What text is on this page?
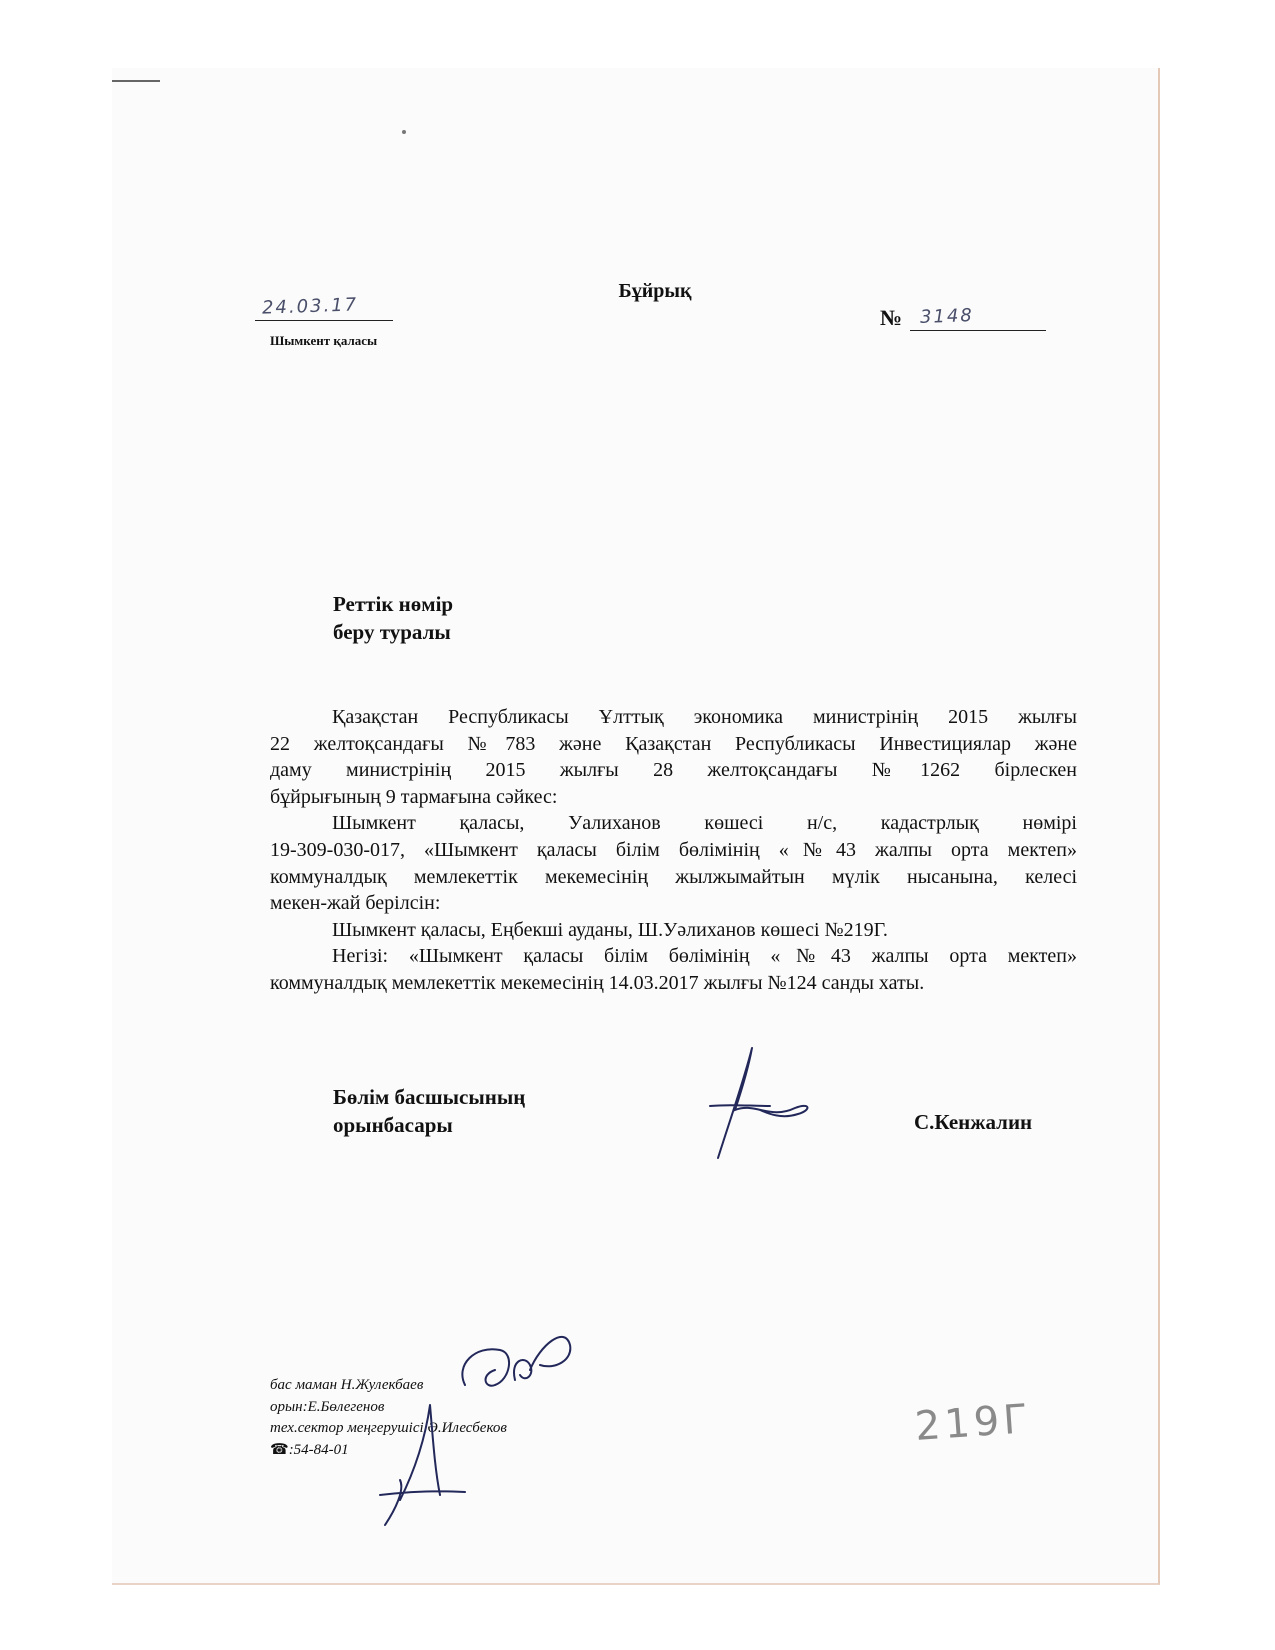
Бұйрық
24.03.17
Шымкент қаласы
№ 3148
Реттік нөмір
беру туралы

Қазақстан Республикасы Ұлттық экономика министрінің 2015 жылғы

22 желтоқсандағы №783 және Қазақстан Республикасы Инвестициялар және

даму министрінің 2015 жылғы 28 желтоқсандағы №1262 бірлескен

бұйрығының 9 тармағына сәйкес:

Шымкент қаласы, Уалиханов көшесі н/с, кадастрлық нөмірі

19-309-030-017, «Шымкент қаласы білім бөлімінің «№43 жалпы орта мектеп»

коммуналдық мемлекеттік мекемесінің жылжымайтын мүлік нысанына, келесі

мекен-жай берілсін:

Шымкент қаласы, Еңбекші ауданы, Ш.Уәлиханов көшесі №219Г.

Негізі: «Шымкент қаласы білім бөлімінің «№43 жалпы орта мектеп»

коммуналдық мемлекеттік мекемесінің 14.03.2017 жылғы №124 санды хаты.

Бөлім басшысының
орынбасары	С.Кенжалин
бас маман Н.Жулекбаев
орын:Е.Бөлегенов
тех.сектор меңгерушісі Ә.Илесбеков
☎:54-84-01	219Г
